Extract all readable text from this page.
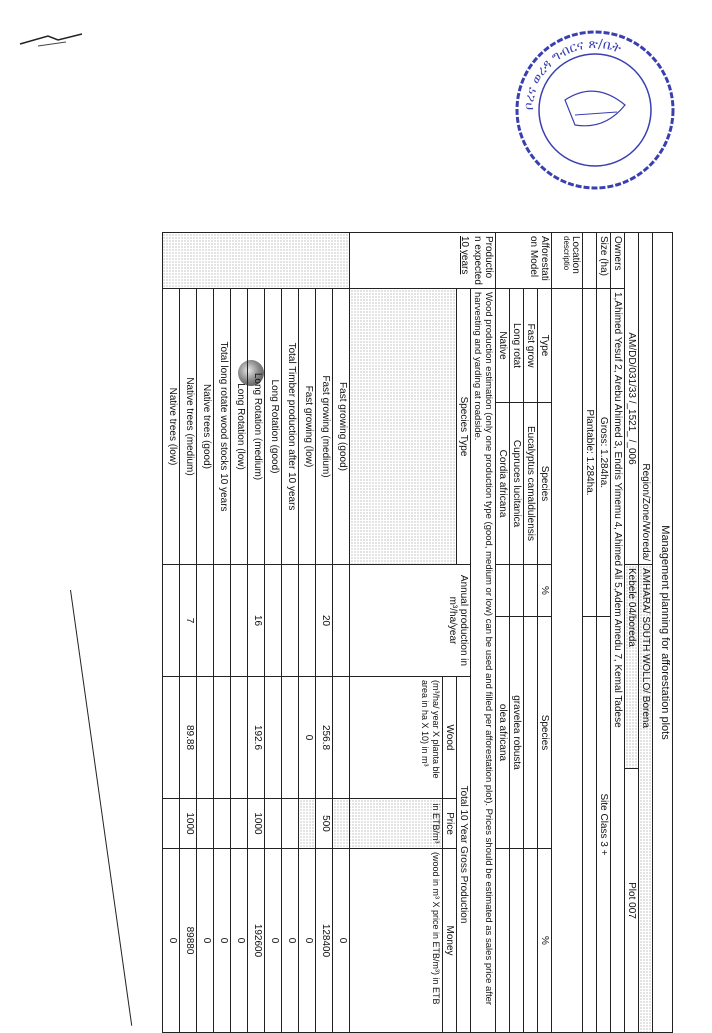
ቦረና ወረዳ ግብርና ጽ/ቤት
Management planning for afforestation plots								
Region/Zone/Woreda/			AMHARA/ SOUTH WOLLO/ Borena					
AM/DD/031/33 /_1521_ /_006			Kebele 04/boreda			Plot 007		
Owners	1,Ahimed Yesuf 2, Arebu Ahimed 3, Endris Yimemu 4, Ahimed Ali 5,Adem Amedu 7, Kemal Tadese							
Size (ha)	Gross: 1.284ha.			Site Class 3 +				
	Plantable: 1.284ha.							

Location
descriptio								

Afforestati on Model	Type	Species	%	Species				%
	Fast grow	Eucalyptus camaldulensis						
	Long rotat	Cupruces lucitanica		gravelea robusta				
	Native	Cordia africana		olea africana				

Productio n expected
10 years	Wood production estimation (only one production type (good, medium or low) can be used and filled per afforestation plot). Prices should be estimated as sales price after harvesting and yarding at roadside.							
	Species Type		Annual production in m³/ha/year		Total 10 Year Gross Production			
					Wood		Price	Money
					(m³/ha/ year X planta ble area in ha X 10) in m³		in ETB/m³	(wood in m³ X price in ETB/m³) in ETB
	Fast growing (good)							0
	Fast growing (medium)		20		256.8		500	128400
	Fast growing (low)				0			0
	Total Timber production after 10 years							0
	Long Rotation (good)							0
	Long Rotation (medium)		16		192.6		1000	192600
	Long Rotation (low)							0
	Total long rotate wood stocks 10 years							0
	Native trees (good)							0
	Native trees (medium)		7		89.88		1000	89880
	Native trees (low)							0
